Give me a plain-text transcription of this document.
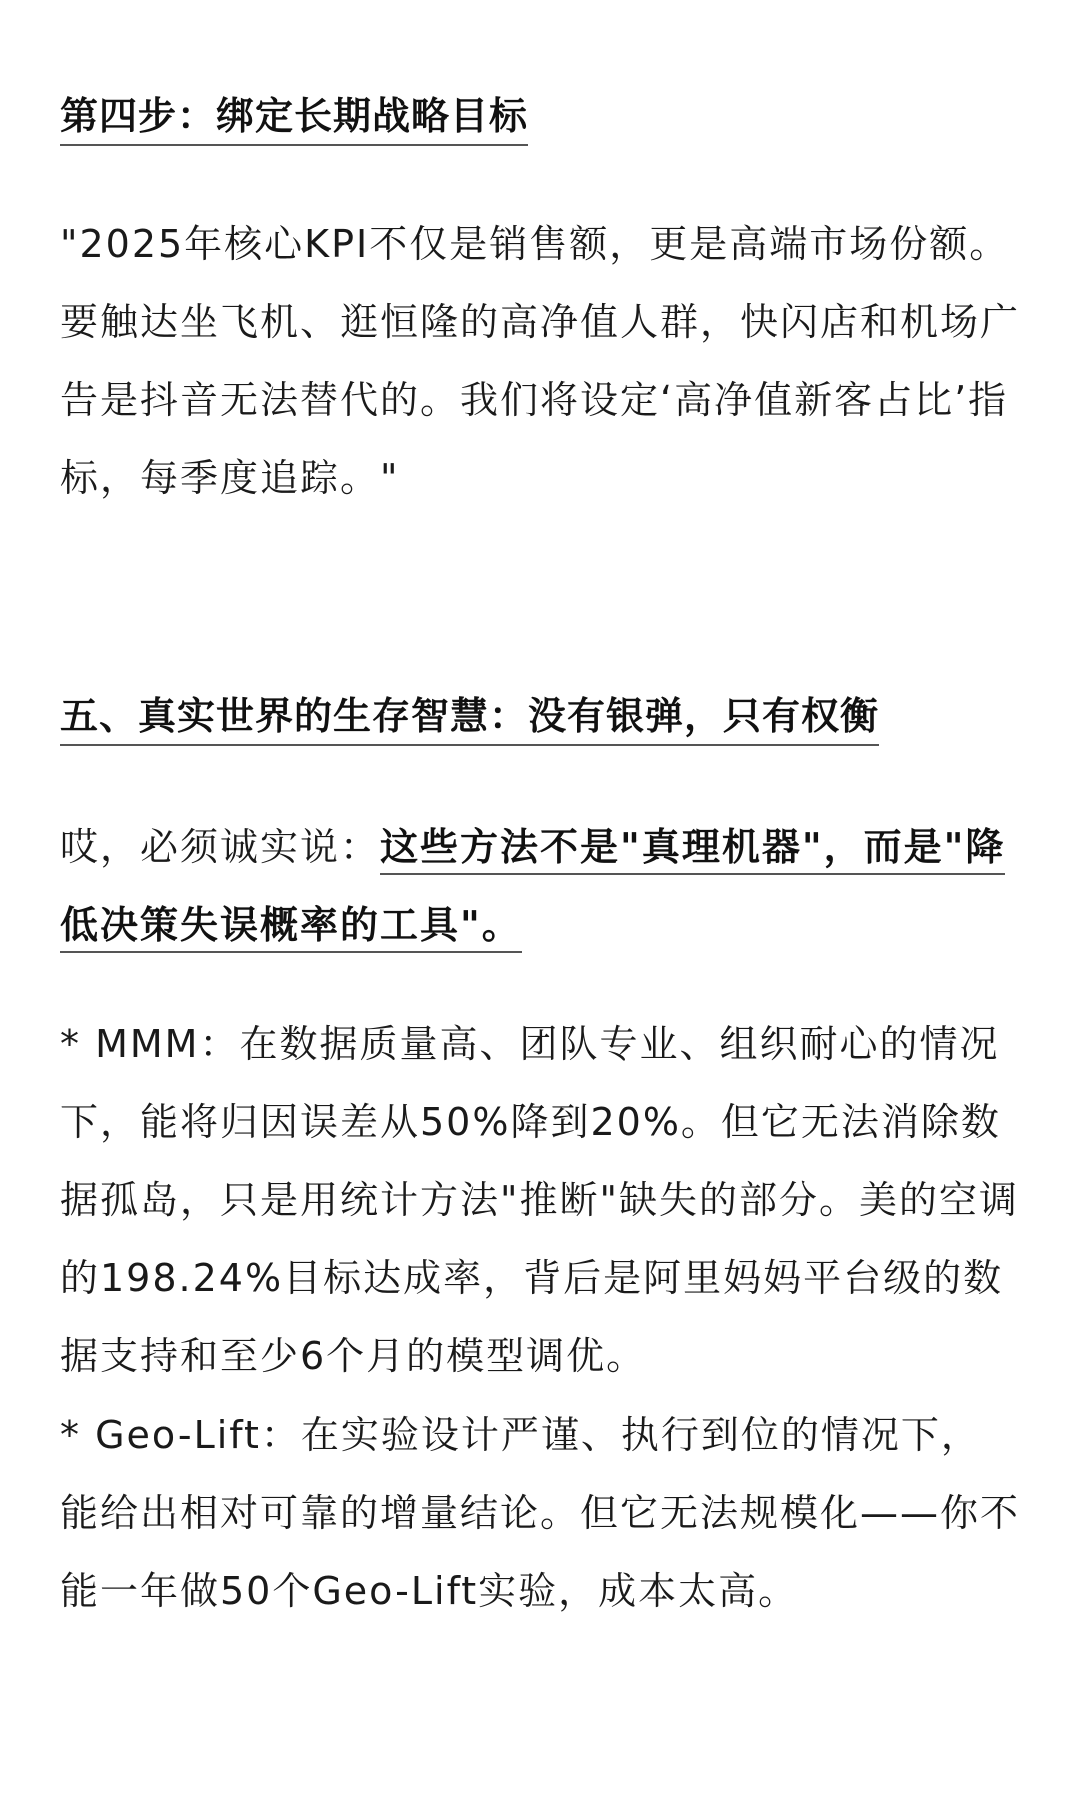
第四步：绑定长期战略目标

"2025年核心KPI不仅是销售额，更是高端市场份额。要触达坐飞机、逛恒隆的高净值人群，快闪店和机场广告是抖音无法替代的。我们将设定‘高净值新客占比’指标，每季度追踪。"

五、真实世界的生存智慧：没有银弹，只有权衡

哎，必须诚实说：这些方法不是"真理机器"，而是"降低决策失误概率的工具"。

* MMM：在数据质量高、团队专业、组织耐心的情况下，能将归因误差从50%降到20%。但它无法消除数据孤岛，只是用统计方法"推断"缺失的部分。美的空调的198.24%目标达成率，背后是阿里妈妈平台级的数据支持和至少6个月的模型调优。

* Geo-Lift：在实验设计严谨、执行到位的情况下，能给出相对可靠的增量结论。但它无法规模化——你不能一年做50个Geo-Lift实验，成本太高。
